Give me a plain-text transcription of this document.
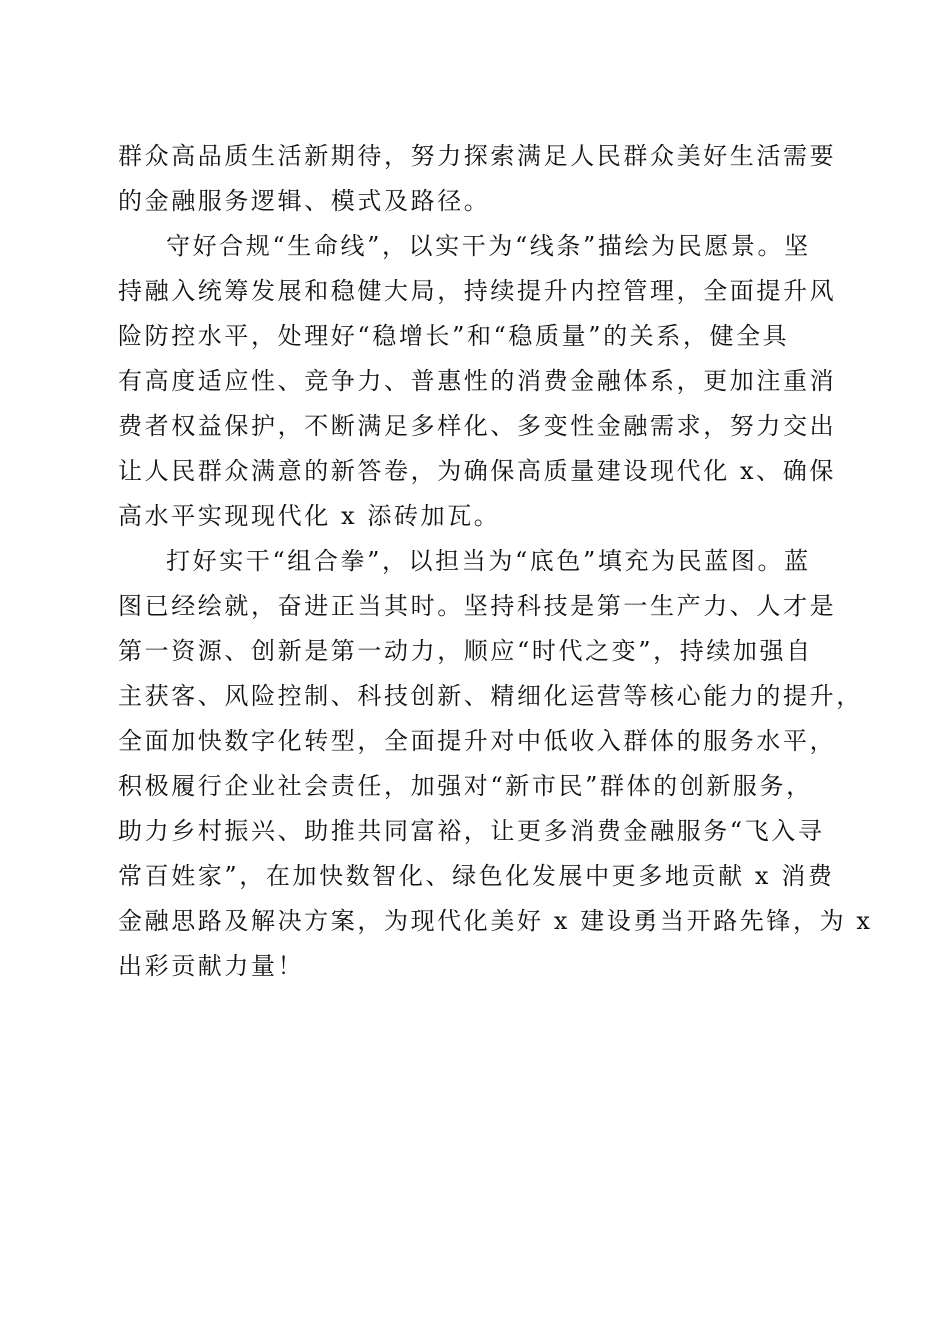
群众高品质生活新期待，努力探索满足人民群众美好生活需要
的金融服务逻辑、模式及路径。
守好合规“生命线”，以实干为“线条”描绘为民愿景。坚
持融入统筹发展和稳健大局，持续提升内控管理，全面提升风
险防控水平，处理好“稳增长”和“稳质量”的关系，健全具
有高度适应性、竞争力、普惠性的消费金融体系，更加注重消
费者权益保护，不断满足多样化、多变性金融需求，努力交出
让人民群众满意的新答卷，为确保高质量建设现代化 x、确保
高水平实现现代化 x 添砖加瓦。
打好实干“组合拳”，以担当为“底色”填充为民蓝图。蓝
图已经绘就，奋进正当其时。坚持科技是第一生产力、人才是
第一资源、创新是第一动力，顺应“时代之变”，持续加强自
主获客、风险控制、科技创新、精细化运营等核心能力的提升，
全面加快数字化转型，全面提升对中低收入群体的服务水平，
积极履行企业社会责任，加强对“新市民”群体的创新服务，
助力乡村振兴、助推共同富裕，让更多消费金融服务“飞入寻
常百姓家”，在加快数智化、绿色化发展中更多地贡献 x 消费
金融思路及解决方案，为现代化美好 x 建设勇当开路先锋，为 x
出彩贡献力量！
